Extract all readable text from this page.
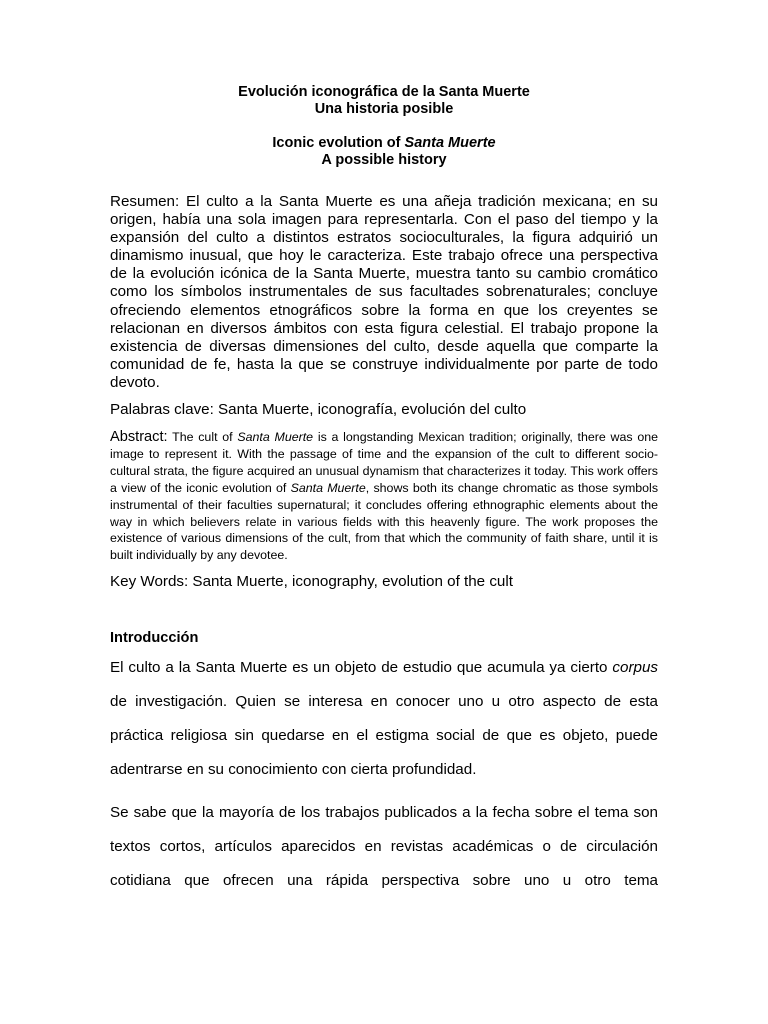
Evolución iconográfica de la Santa Muerte
Una historia posible
Iconic evolution of Santa Muerte
A possible history

Resumen: El culto a la Santa Muerte es una añeja tradición mexicana; en su origen, había una sola imagen para representarla. Con el paso del tiempo y la expansión del culto a distintos estratos socioculturales, la figura adquirió un dinamismo inusual, que hoy le caracteriza. Este trabajo ofrece una perspectiva de la evolución icónica de la Santa Muerte, muestra tanto su cambio cromático como los símbolos instrumentales de sus facultades sobrenaturales; concluye ofreciendo elementos etnográficos sobre la forma en que los creyentes se relacionan en diversos ámbitos con esta figura celestial. El trabajo propone la existencia de diversas dimensiones del culto, desde aquella que comparte la comunidad de fe, hasta la que se construye individualmente por parte de todo devoto.

Palabras clave: Santa Muerte, iconografía, evolución del culto

Abstract: The cult of Santa Muerte is a longstanding Mexican tradition; originally, there was one image to represent it. With the passage of time and the expansion of the cult to different socio-cultural strata, the figure acquired an unusual dynamism that characterizes it today. This work offers a view of the iconic evolution of Santa Muerte, shows both its change chromatic as those symbols instrumental of their faculties supernatural; it concludes offering ethnographic elements about the way in which believers relate in various fields with this heavenly figure. The work proposes the existence of various dimensions of the cult, from that which the community of faith share, until it is built individually by any devotee.

Key Words: Santa Muerte, iconography, evolution of the cult

Introducción

El culto a la Santa Muerte es un objeto de estudio que acumula ya cierto corpus de investigación. Quien se interesa en conocer uno u otro aspecto de esta práctica religiosa sin quedarse en el estigma social de que es objeto, puede adentrarse en su conocimiento con cierta profundidad.

Se sabe que la mayoría de los trabajos publicados a la fecha sobre el tema son textos cortos, artículos aparecidos en revistas académicas o de circulación cotidiana que ofrecen una rápida perspectiva sobre uno u otro tema
